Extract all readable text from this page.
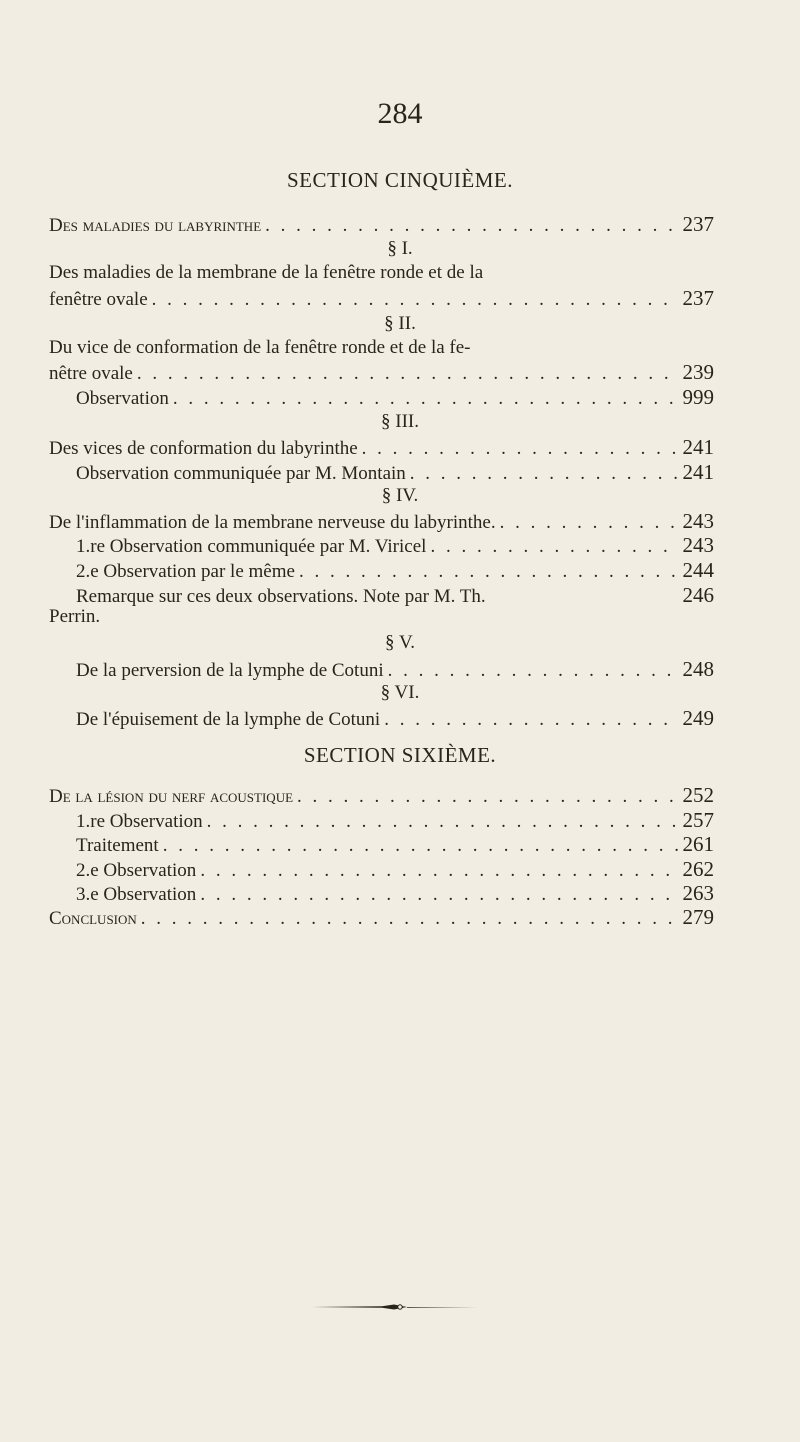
284
SECTION CINQUIÈME.
Des maladies du labyrinthe . . .	237
§ I.
Des maladies de la membrane de la fenêtre ronde et de la
fenêtre ovale . . .	237
§ II.
Du vice de conformation de la fenêtre ronde et de la fe-
nêtre ovale . . .	239
Observation . . .	999
§ III.
Des vices de conformation du labyrinthe . . .	241
Observation communiquée par M. Montain . . .	241
§ IV.
De l'inflammation de la membrane nerveuse du labyrinthe. . . .	243
1.re Observation communiquée par M. Viricel . . .	243
2.e Observation par le même . . .	244
Remarque sur ces deux observations. Note par M. Th.	246
Perrin.
§ V.
De la perversion de la lymphe de Cotuni . . .	248
§ VI.
De l'épuisement de la lymphe de Cotuni . . .	249
SECTION SIXIÈME.
De la lésion du nerf acoustique . . .	252
1.re Observation . . .	257
Traitement . . .	261
2.e Observation . . .	262
3.e Observation . . .	263
Conclusion . . .	279
